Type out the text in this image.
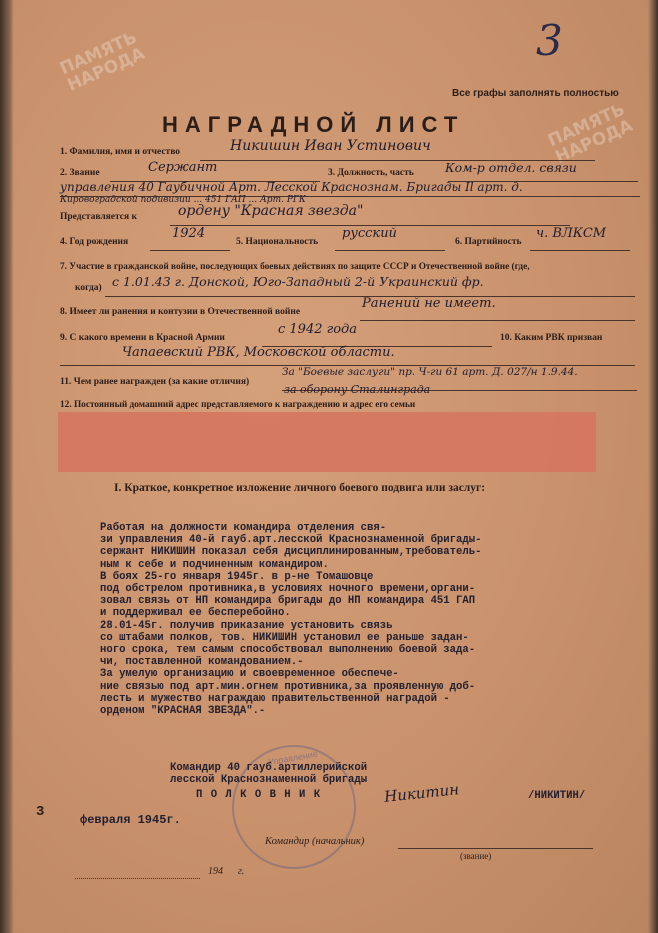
ПАМЯТЬ НАРОДА
ПАМЯТЬ НАРОДА
3
Все графы заполнять полностью
НАГРАДНОЙ ЛИСТ
1. Фамилия, имя и отчество	Никишин Иван Устинович
2. Звание	Сержант	3. Должность, часть Ком-р отдел. связи
управления 40 Гаубичной Арт. Лесской Краснознам. Бригады Il арт. д.
Кировоградской подивизии ... 451 ГАП ... Арт. РГК
Представляется к	ордену "Красная звезда"
4. Год рождения
1924
5. Национальность
русский
6. Партийность
ч. ВЛКСМ
7. Участие в гражданской войне, последующих боевых действиях по защите СССР и Отечественной войне (где,
когда) с 1.01.43 г. Донской, Юго-Западный 2-й Украинский фр.
8. Имеет ли ранения и контузии в Отечественной войне
Ранений не имеет.
9. С какого времени в Красной Армии
с 1942 года
10. Каким РВК призван
Чапаевский РВК, Московской области.
11. Чем ранее награжден (за какие отличия)
За "Боевые заслуги" пр. Ч-ги 61 арт. Д. 027/н 1.9.44.
за оборону Сталинграда
12. Постоянный домашний адрес представляемого к награждению и адрес его семьи
I. Краткое, конкретное изложение личного боевого подвига или заслуг:
Работая на должности командира отделения свя-
зи управления 40-й гауб.арт.лесской Краснознаменной бригады-
сержант НИКИШИН показал себя дисциплинированным,требователь-
ным к себе и подчиненным командиром.
В боях 25-го января 1945г. в р-не Томашовце
под обстрелом противника,в условиях ночного времени,органи-
зовал связь от НП командира бригады до НП командира 451 ГАП
и поддерживал ее бесперебойно.
28.01-45г. получив приказание установить связь
со штабами полков, тов. НИКИШИН установил ее раньше задан-
ного срока, тем самым способствовал выполнению боевой зада-
чи, поставленной командованием.-
За умелую организацию и своевременное обеспече-
ние связью под арт.мин.огнем противника,за проявленную доб-
лесть и мужество награждаю правительственной наградой -
орденом "КРАСНАЯ ЗВЕЗДА".-
Управление
Командир 40 гауб.артиллерийской
лесской Краснознаменной бригады
П О Л К О В Н И К	Никитин	/НИКИТИН/
3	февраля 1945г.
Командир (начальник)
(звание)
194 г.
